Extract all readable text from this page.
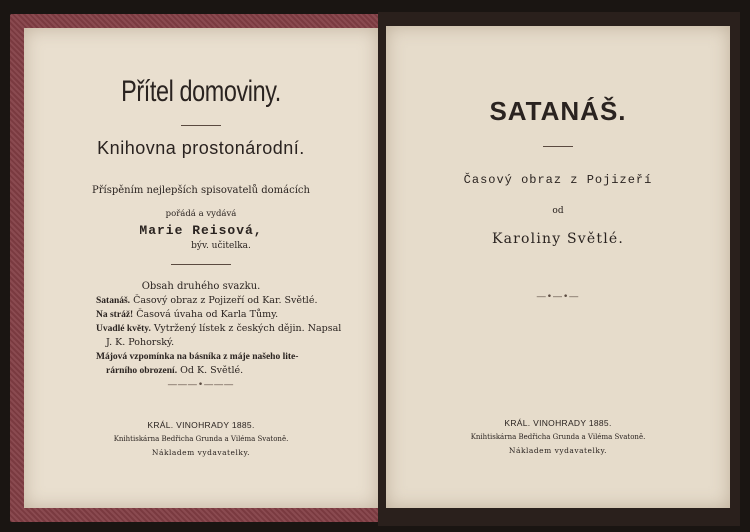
Přítel domoviny.
Knihovna prostonárodní.
Příspěním nejlepších spisovatelů domácích
pořádá a vydává
Marie Reisová,
býv. učitelka.
Obsah druhého svazku.
Satanáš. Časový obraz z Pojizeří od Kar. Světlé.
Na stráž! Časová úvaha od Karla Tůmy.
Uvadlé květy. Vytržený lístek z českých dějin. Napsal
J. K. Pohorský.
Májová vzpomínka na básníka z máje našeho lite-
rárního obrození. Od K. Světlé.
―――•―――
KRÁL. VINOHRADY 1885.
Knihtiskárna Bedřicha Grunda a Viléma Svatoně.
Nákladem vydavatelky.
SATANÁŠ.
Časový obraz z Pojizeří
od
Karoliny Světlé.
―•―•―
KRÁL. VINOHRADY 1885.
Knihtiskárna Bedřicha Grunda a Viléma Svatoně.
Nákladem vydavatelky.
